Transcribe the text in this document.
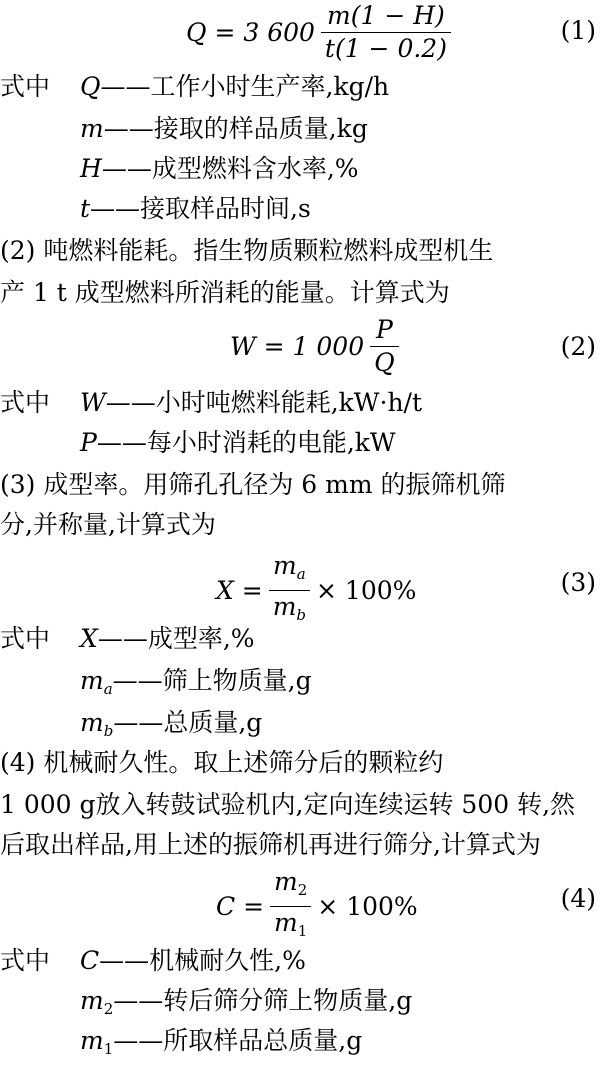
Q = 3 $600 \frac{m(1 - H)}{t(1 - 0.2)}$	(1)
式中 Q——工作小时生产率,kg/h
m——接取的样品质量,kg
H——成型燃料含水率,%
t——接取样品时间,s
(2) 吨燃料能耗。指生物质颗粒燃料成型机生
产 1 t 成型燃料所消耗的能量。计算式为
W = 1 $000 \frac{P}{Q}$	(2)
式中 W——小时吨燃料能耗,kW·h/t
P——每小时消耗的电能,kW
(3) 成型率。用筛孔孔径为 6 mm 的振筛机筛
分,并称量,计算式为
$X = \frac{m_a}{m_b} \times 100\%$	(3)
式中 X——成型率,%
$m_a——$筛上物质量,g
$m_b——$总质量,g
(4) 机械耐久性。取上述筛分后的颗粒约
1 000 g放入转鼓试验机内,定向连续运转 500 转,然
后取出样品,用上述的振筛机再进行筛分,计算式为
$C = \frac{m_2}{m_1} \times 100\%$	(4)
式中 C——机械耐久性,%
$m_2——$转后筛分筛上物质量,g
$m_1——$所取样品总质量,g
